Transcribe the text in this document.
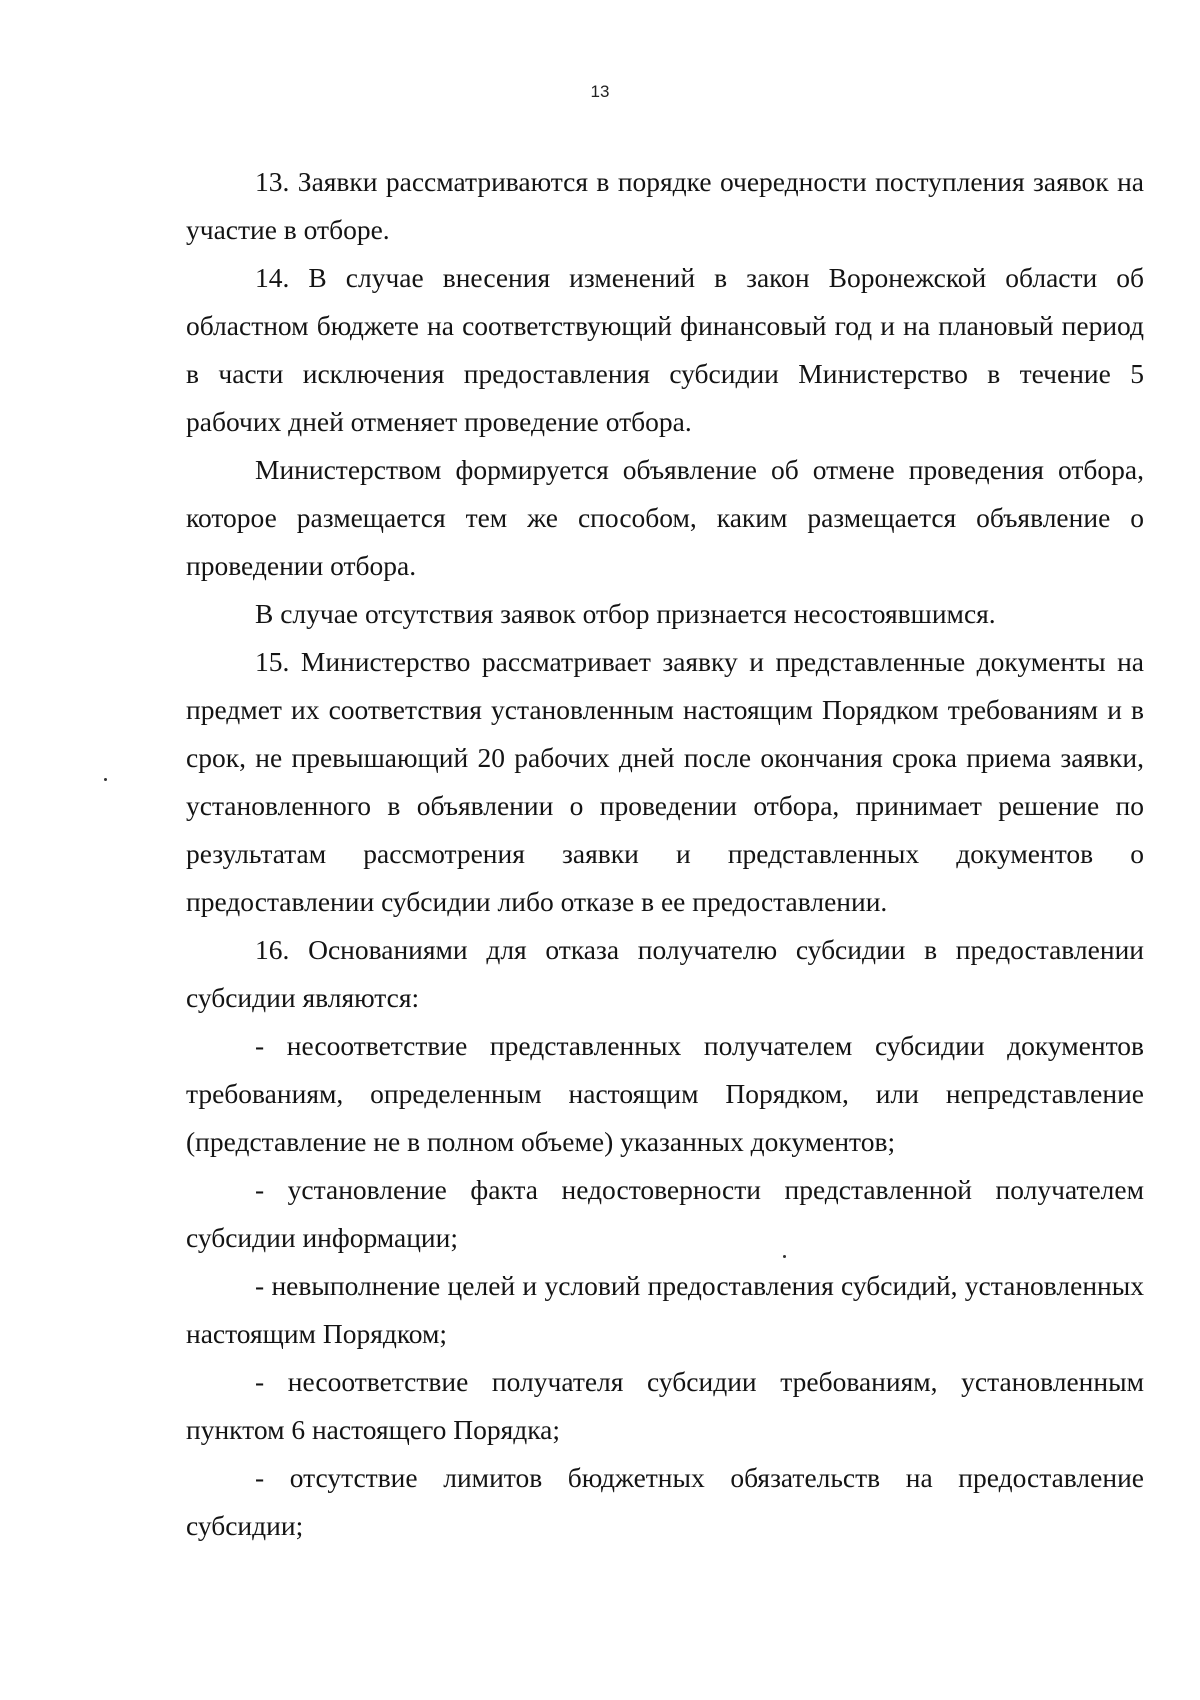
13

13. Заявки рассматриваются в порядке очередности поступления заявок на участие в отборе.

14. В случае внесения изменений в закон Воронежской области об областном бюджете на соответствующий финансовый год и на плановый период в части исключения предоставления субсидии Министерство в течение 5 рабочих дней отменяет проведение отбора.

Министерством формируется объявление об отмене проведения отбора, которое размещается тем же способом, каким размещается объявление о проведении отбора.

В случае отсутствия заявок отбор признается несостоявшимся.

15. Министерство рассматривает заявку и представленные документы на предмет их соответствия установленным настоящим Порядком требованиям и в срок, не превышающий 20 рабочих дней после окончания срока приема заявки, установленного в объявлении о проведении отбора, принимает решение по результатам рассмотрения заявки и представленных документов о предоставлении субсидии либо отказе в ее предоставлении.

16. Основаниями для отказа получателю субсидии в предоставлении субсидии являются:

- несоответствие представленных получателем субсидии документов требованиям, определенным настоящим Порядком, или непредставление (представление не в полном объеме) указанных документов;

- установление факта недостоверности представленной получателем субсидии информации;

- невыполнение целей и условий предоставления субсидий, установленных настоящим Порядком;

- несоответствие получателя субсидии требованиям, установленным пунктом 6 настоящего Порядка;

- отсутствие лимитов бюджетных обязательств на предоставление субсидии;
